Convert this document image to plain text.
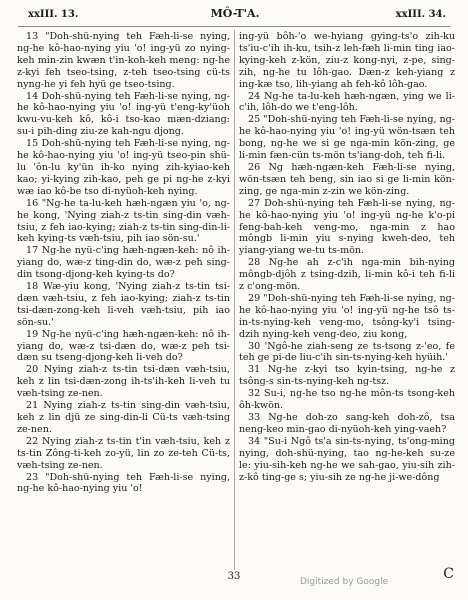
xxIII. 13.	MÔ-T'A.	xxIII. 34.

13 "Doh-shü-nying teh Fæh-li-se nying, ng-he kô-hao-nying yiu 'o! ing-yü zo nying-keh min-zin kwæn t'in-koh-keh meng: ng-he z-kyi feh tseo-tsing, z-teh tseo-tsing cü-ts nyng-he yi feh hyü ge tseo-tsing.

14 Doh-shü-nying teh Fæh-li-se nying, ng-he kô-hao-nying yiu 'o! ing-yü t'eng-ky'üoh kwu-vu-keh kô, kô-i tso-kao mæn-dziang: su-i pih-ding ziu-ze kah-ngu djong.

15 Doh-shü-nying teh Fæh-li-se nying, ng-he kô-hao-nying yiu 'o! ing-yü tseo-pin shü-lu 'ôn-lu ky'ün ih-ko nying zih-kyiao-keh kao; yi-kying zih-kao, peh ge pi ng-he z-kyi wæ iao kô-be tso di-nyüoh-keh nying.

16 "Ng-he ta-lu-keh hæh-ngæn yiu 'o, ng-he kong, 'Nying ziah-z ts-tin sing-din væh-tsiu, z feh iao-kying; ziah-z ts-tin sing-din-li-keh kying-ts væh-tsiu, pih iao sön-su.'

17 Ng-he nyü-c'ing hæh-ngæn-keh: nô ih-yiang do, wæ-z ting-din do, wæ-z peh sing-din tsong-djong-keh kying-ts do?

18 Wæ-yiu kong, 'Nying ziah-z ts-tin tsi-dæn væh-tsiu, z feh iao-kying; ziah-z ts-tin tsi-dæn-zong-keh li-veh væh-tsiu, pih iao sön-su.'

19 Ng-he nyü-c'ing hæh-ngæn-keh: nô ih-yiang do, wæ-z tsi-dæn do, wæ-z peh tsi-dæn su tseng-djong-keh li-veh do?

20 Nying ziah-z ts-tin tsi-dæn væh-tsiu, keh z lin tsi-dæn-zong ih-ts'ih-keh li-veh tu væh-tsing ze-nen.

21 Nying ziah-z ts-tin sing-din væh-tsiu, keh z lin djü ze sing-din-li Cü-ts væh-tsing ze-nen.

22 Nying ziah-z ts-tin t'in væh-tsiu, keh z ts-tin Zông-ti-keh zo-yü, lin zo ze-teh Cü-ts, væh-tsing ze-nen.

23 "Doh-shü-nying teh Fæh-li-se nying, ng-he kô-hao-nying yiu 'o!

ing-yü bôh-'o we-hyiang gying-ts'o zih-ku ts'iu-c'ih ih-ku, tsih-z leh-fæh li-min ting iao-kying-keh z-kön, ziu-z kong-nyi, z-pe, sing-zih, ng-he tu lôh-gao. Dæn-z keh-yiang z ing-kæ tso, lih-yiang ah feh-kô lôh-gao.

24 Ng-he ta-lu-keh hæh-ngæn, ying we li-c'ih, lôh-do we t'eng-lôh.

25 "Doh-shü-nying teh Fæh-li-se nying, ng-he kô-hao-nying yiu 'o! ing-yü wön-tsæn teh bong, ng-he we si ge nga-min kön-zing, ge li-min fæn-cün ts-mön ts'iang-doh, teh fi-li.

26 Ng hæh-ngæn-keh Fæh-li-se nying, wön-tsæn teh beng, sin iao si ge li-min kön-zing, ge nga-min z-zin we kön-zing.

27 Doh-shü-nying teh Fæh-li-se nying, ng-he kô-hao-nying yiu 'o! ing-yü ng-he k'o-pi feng-bah-keh veng-mo, nga-min z hao môngb li-min yiu s-nying kweh-deo, teh yiang-yiang we-tu ts-mön.

28 Ng-he ah z-c'ih nga-min bih-nying môngb-djôh z tsing-dzih, li-min kô-i teh fi-li z c'ong-mön.

29 "Doh-shü-nying teh Fæh-li-se nying, ng-he kô-hao-nying yiu 'o! ing-yü ng-he tsô ts-in-ts-nying-keh veng-mo, tsông-ky'i tsing-dzih nying-keh veng-deo, ziu kong,

30 'Ngô-he ziah-seng ze ts-tsong z-'eo, fe teh ge pi-de liu-c'ih sin-ts-nying-keh hyüih.'

31 Ng-he z-kyi tso kyin-tsing, ng-he z tsông-s sin-ts-nying-keh ng-tsz.

32 Su-i, ng-he tso ng-he môn-ts tsong-keh ôh-kwön.

33 Ng-he doh-zo sang-keh doh-zô, tsa neng-keo min-gao di-nyüoh-keh ying-vaeh?

34 "Su-i Ngô ts'a sin-ts-nying, ts'ong-ming nying, doh-shü-nying, tao ng-he-keh su-ze le: yiu-sih-keh ng-he we sah-gao, yiu-sih zih-z-kô ting-ge s; yiu-sih ze ng-he ji-we-dông

33	C
Digitized by Google
